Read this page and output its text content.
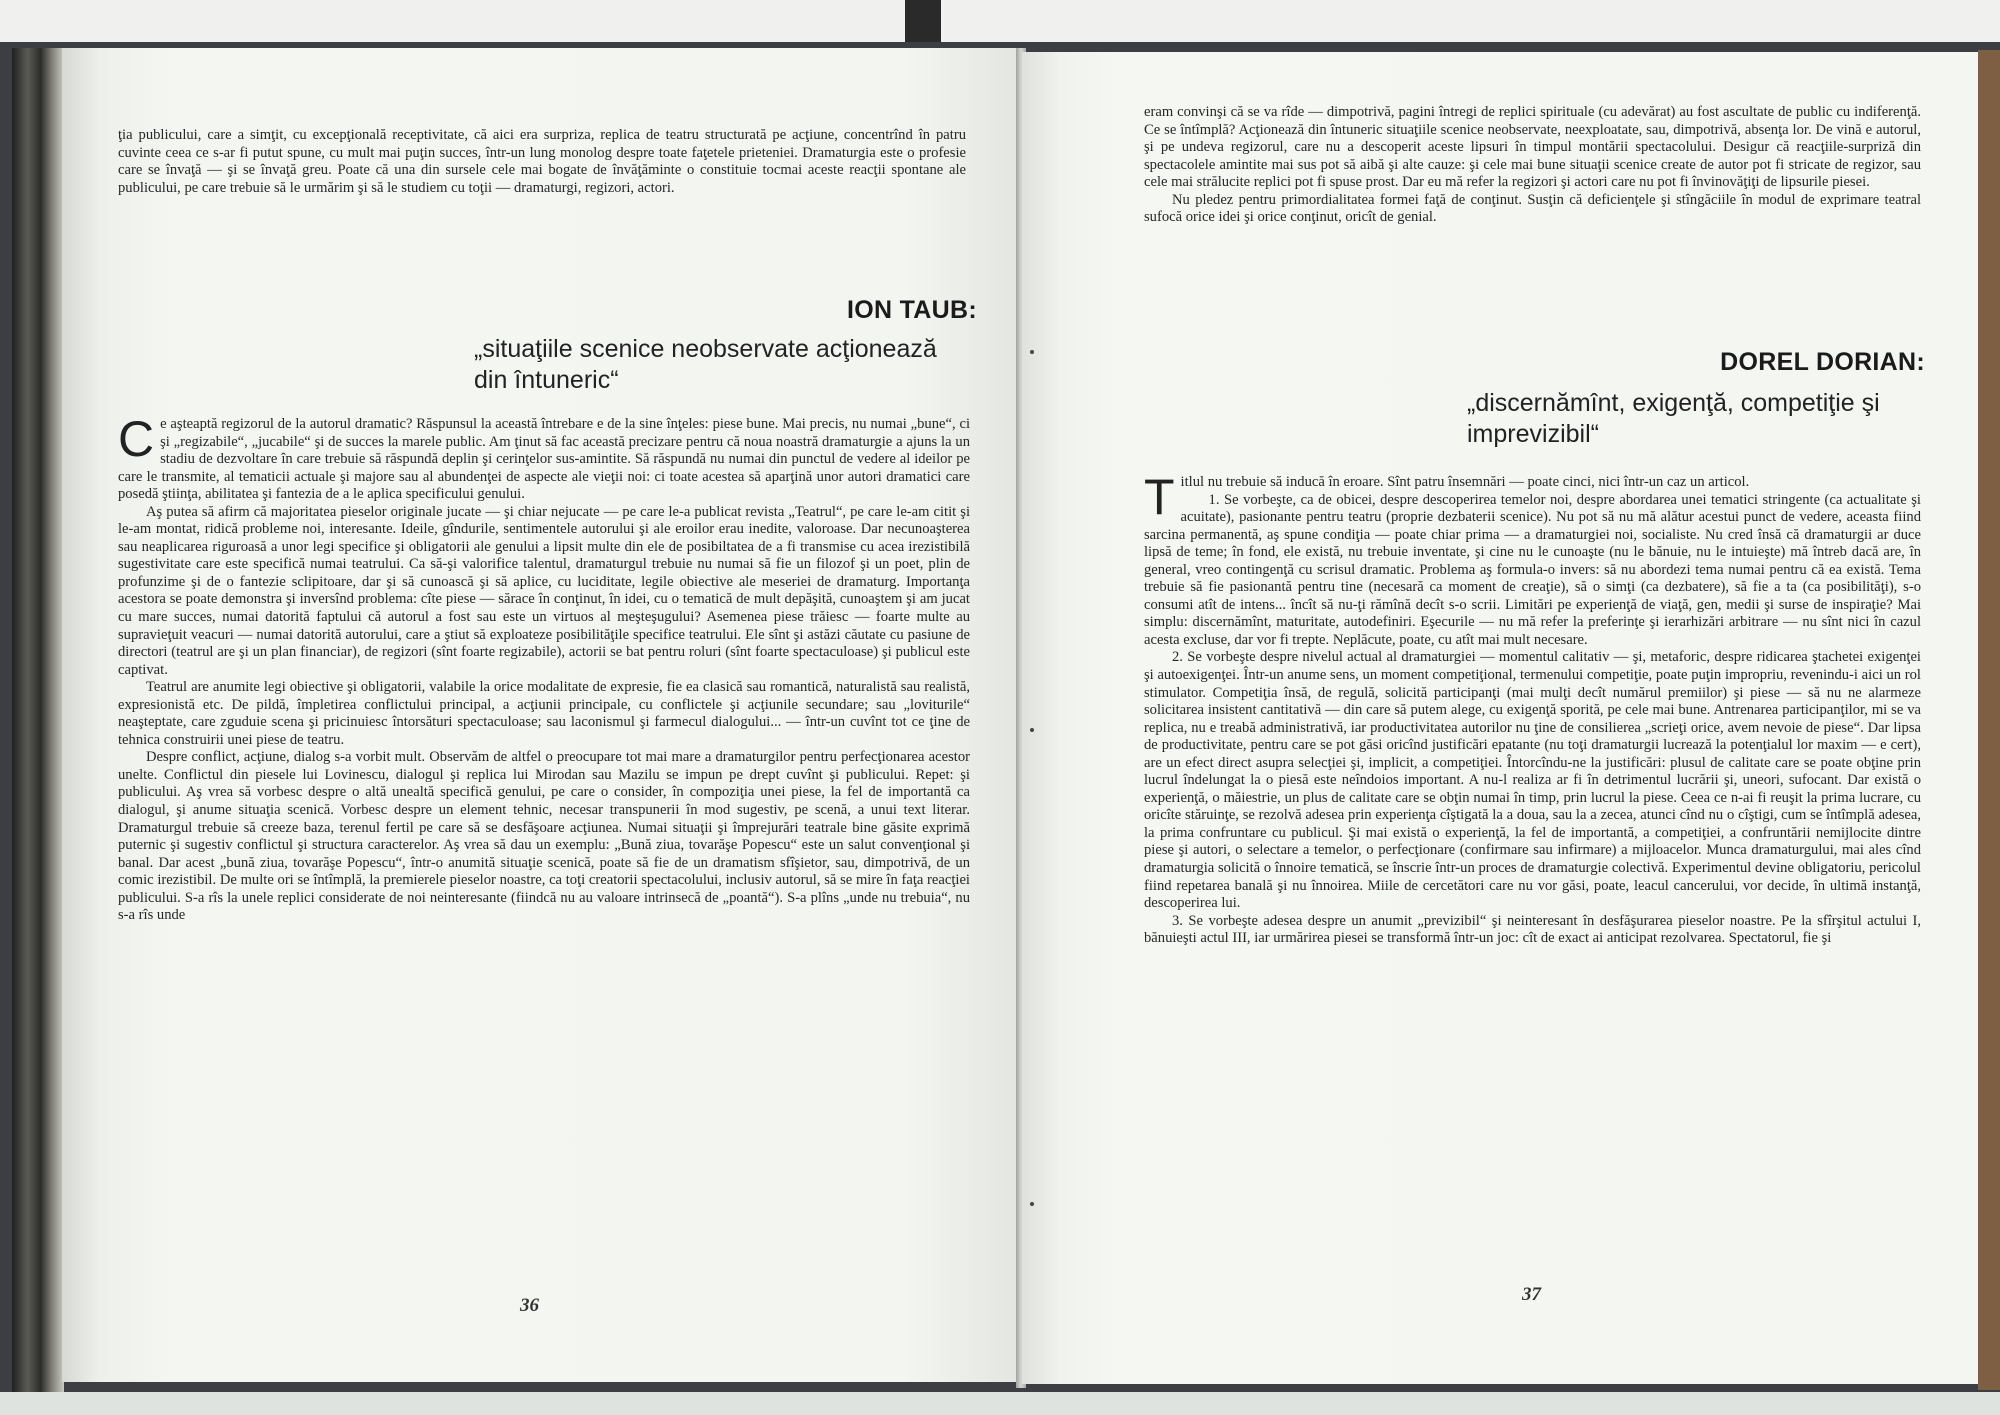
ţia publicului, care a simţit, cu excepţională receptivitate, că aici era surpriza, replica de teatru structurată pe acţiune, concentrînd în patru cuvinte ceea ce s-ar fi putut spune, cu mult mai puţin succes, într-un lung monolog despre toate faţetele prieteniei. Dramaturgia este o profesie care se învaţă — şi se învaţă greu. Poate că una din sursele cele mai bogate de învăţăminte o constituie tocmai aceste reacţii spontane ale publicului, pe care trebuie să le urmărim şi să le studiem cu toţii — dramaturgi, regizori, actori.

ION TAUB:
„situaţiile scenice neobservate acţionează din întuneric“

Ce aşteaptă regizorul de la autorul dramatic? Răspunsul la această întrebare e de la sine înţeles: piese bune. Mai precis, nu numai „bune“, ci şi „regizabile“, „jucabile“ şi de succes la marele public. Am ţinut să fac această precizare pentru că noua noastră dramaturgie a ajuns la un stadiu de dezvoltare în care trebuie să răspundă deplin şi cerinţelor sus-amintite. Să răspundă nu numai din punctul de vedere al ideilor pe care le transmite, al tematicii actuale şi majore sau al abundenţei de aspecte ale vieţii noi: ci toate acestea să aparţină unor autori dramatici care posedă ştiinţa, abilitatea şi fantezia de a le aplica specificului genului.

Aş putea să afirm că majoritatea pieselor originale jucate — şi chiar nejucate — pe care le-a publicat revista „Teatrul“, pe care le-am citit şi le-am montat, ridică probleme noi, interesante. Ideile, gîndurile, sentimentele autorului şi ale eroilor erau inedite, valoroase. Dar necunoaşterea sau neaplicarea riguroasă a unor legi specifice şi obligatorii ale genului a lipsit multe din ele de posibiltatea de a fi transmise cu acea irezistibilă sugestivitate care este specifică numai teatrului. Ca să-şi valorifice talentul, dramaturgul trebuie nu numai să fie un filozof şi un poet, plin de profunzime şi de o fantezie sclipitoare, dar şi să cunoască şi să aplice, cu luciditate, legile obiective ale meseriei de dramaturg. Importanţa acestora se poate demonstra şi inversînd problema: cîte piese — sărace în conţinut, în idei, cu o tematică de mult depăşită, cunoaştem şi am jucat cu mare succes, numai datorită faptului că autorul a fost sau este un virtuos al meşteşugului? Asemenea piese trăiesc — foarte multe au supravieţuit veacuri — numai datorită autorului, care a ştiut să exploateze posibilităţile specifice teatrului. Ele sînt şi astăzi căutate cu pasiune de directori (teatrul are şi un plan financiar), de regizori (sînt foarte regizabile), actorii se bat pentru roluri (sînt foarte spectaculoase) şi publicul este captivat.

Teatrul are anumite legi obiective şi obligatorii, valabile la orice modalitate de expresie, fie ea clasică sau romantică, naturalistă sau realistă, expresionistă etc. De pildă, împletirea conflictului principal, a acţiunii principale, cu conflictele şi acţiunile secundare; sau „loviturile“ neaşteptate, care zguduie scena şi pricinuiesc întorsături spectaculoase; sau laconismul şi farmecul dialogului... — într-un cuvînt tot ce ţine de tehnica construirii unei piese de teatru.

Despre conflict, acţiune, dialog s-a vorbit mult. Observăm de altfel o preocupare tot mai mare a dramaturgilor pentru perfecţionarea acestor unelte. Conflictul din piesele lui Lovinescu, dialogul şi replica lui Mirodan sau Mazilu se impun pe drept cuvînt şi publicului. Repet: şi publicului. Aş vrea să vorbesc despre o altă unealtă specifică genului, pe care o consider, în compoziţia unei piese, la fel de importantă ca dialogul, şi anume situaţia scenică. Vorbesc despre un element tehnic, necesar transpunerii în mod sugestiv, pe scenă, a unui text literar. Dramaturgul trebuie să creeze baza, terenul fertil pe care să se desfăşoare acţiunea. Numai situaţii şi împrejurări teatrale bine găsite exprimă puternic şi sugestiv conflictul şi structura caracterelor. Aş vrea să dau un exemplu: „Bună ziua, tovarăşe Popescu“ este un salut convenţional şi banal. Dar acest „bună ziua, tovarăşe Popescu“, într-o anumită situaţie scenică, poate să fie de un dramatism sfîşietor, sau, dimpotrivă, de un comic irezistibil. De multe ori se întîmplă, la premierele pieselor noastre, ca toţi creatorii spectacolului, inclusiv autorul, să se mire în faţa reacţiei publicului. S-a rîs la unele replici considerate de noi neinteresante (fiindcă nu au valoare intrinsecă de „poantă“). S-a plîns „unde nu trebuia“, nu s-a rîs unde

36

eram convinşi că se va rîde — dimpotrivă, pagini întregi de replici spirituale (cu adevărat) au fost ascultate de public cu indiferenţă. Ce se întîmplă? Acţionează din întuneric situaţiile scenice neobservate, neexploatate, sau, dimpotrivă, absenţa lor. De vină e autorul, şi pe undeva regizorul, care nu a descoperit aceste lipsuri în timpul montării spectacolului. Desigur că reacţiile-surpriză din spectacolele amintite mai sus pot să aibă şi alte cauze: şi cele mai bune situaţii scenice create de autor pot fi stricate de regizor, sau cele mai strălucite replici pot fi spuse prost. Dar eu mă refer la regizori şi actori care nu pot fi învinovăţiţi de lipsurile piesei.

Nu pledez pentru primordialitatea formei faţă de conţinut. Susţin că deficienţele şi stîngăciile în modul de exprimare teatral sufocă orice idei şi orice conţinut, oricît de genial.

DOREL DORIAN:
„discernămînt, exigenţă, competiţie şi imprevizibil“

Titlul nu trebuie să inducă în eroare. Sînt patru însemnări — poate cinci, nici într-un caz un articol.

1. Se vorbeşte, ca de obicei, despre descoperirea temelor noi, despre abordarea unei tematici stringente (ca actualitate şi acuitate), pasionante pentru teatru (proprie dezbaterii scenice). Nu pot să nu mă alătur acestui punct de vedere, aceasta fiind sarcina permanentă, aş spune condiţia — poate chiar prima — a dramaturgiei noi, socialiste. Nu cred însă că dramaturgii ar duce lipsă de teme; în fond, ele există, nu trebuie inventate, şi cine nu le cunoaşte (nu le bănuie, nu le intuieşte) mă întreb dacă are, în general, vreo contingenţă cu scrisul dramatic. Problema aş formula-o invers: să nu abordezi tema numai pentru că ea există. Tema trebuie să fie pasionantă pentru tine (necesară ca moment de creaţie), să o simţi (ca dezbatere), să fie a ta (ca posibilităţi), s-o consumi atît de intens... încît să nu-ţi rămînă decît s-o scrii. Limitări pe experienţă de viaţă, gen, medii şi surse de inspiraţie? Mai simplu: discernămînt, maturitate, autodefiniri. Eşecurile — nu mă refer la preferinţe şi ierarhizări arbitrare — nu sînt nici în cazul acesta excluse, dar vor fi trepte. Neplăcute, poate, cu atît mai mult necesare.

2. Se vorbeşte despre nivelul actual al dramaturgiei — momentul calitativ — şi, metaforic, despre ridicarea ştachetei exigenţei şi autoexigenţei. Într-un anume sens, un moment competiţional, termenului competiţie, poate puţin impropriu, revenindu-i aici un rol stimulator. Competiţia însă, de regulă, solicită participanţi (mai mulţi decît numărul premiilor) şi piese — să nu ne alarmeze solicitarea insistent cantitativă — din care să putem alege, cu exigenţă sporită, pe cele mai bune. Antrenarea participanţilor, mi se va replica, nu e treabă administrativă, iar productivitatea autorilor nu ţine de consilierea „scrieţi orice, avem nevoie de piese“. Dar lipsa de productivitate, pentru care se pot găsi oricînd justificări epatante (nu toţi dramaturgii lucrează la potenţialul lor maxim — e cert), are un efect direct asupra selecţiei şi, implicit, a competiţiei. Întorcîndu-ne la justificări: plusul de calitate care se poate obţine prin lucrul îndelungat la o piesă este neîndoios important. A nu-l realiza ar fi în detrimentul lucrării şi, uneori, sufocant. Dar există o experienţă, o măiestrie, un plus de calitate care se obţin numai în timp, prin lucrul la piese. Ceea ce n-ai fi reuşit la prima lucrare, cu oricîte stăruinţe, se rezolvă adesea prin experienţa cîştigată la a doua, sau la a zecea, atunci cînd nu o cîştigi, cum se întîmplă adesea, la prima confruntare cu publicul. Şi mai există o experienţă, la fel de importantă, a competiţiei, a confruntării nemijlocite dintre piese şi autori, o selectare a temelor, o perfecţionare (confirmare sau infirmare) a mijloacelor. Munca dramaturgului, mai ales cînd dramaturgia solicită o înnoire tematică, se înscrie într-un proces de dramaturgie colectivă. Experimentul devine obligatoriu, pericolul fiind repetarea banală şi nu înnoirea. Miile de cercetători care nu vor găsi, poate, leacul cancerului, vor decide, în ultimă instanţă, descoperirea lui.

3. Se vorbeşte adesea despre un anumit „previzibil“ şi neinteresant în desfăşurarea pieselor noastre. Pe la sfîrşitul actului I, bănuieşti actul III, iar urmărirea piesei se transformă într-un joc: cît de exact ai anticipat rezolvarea. Spectatorul, fie şi

37
